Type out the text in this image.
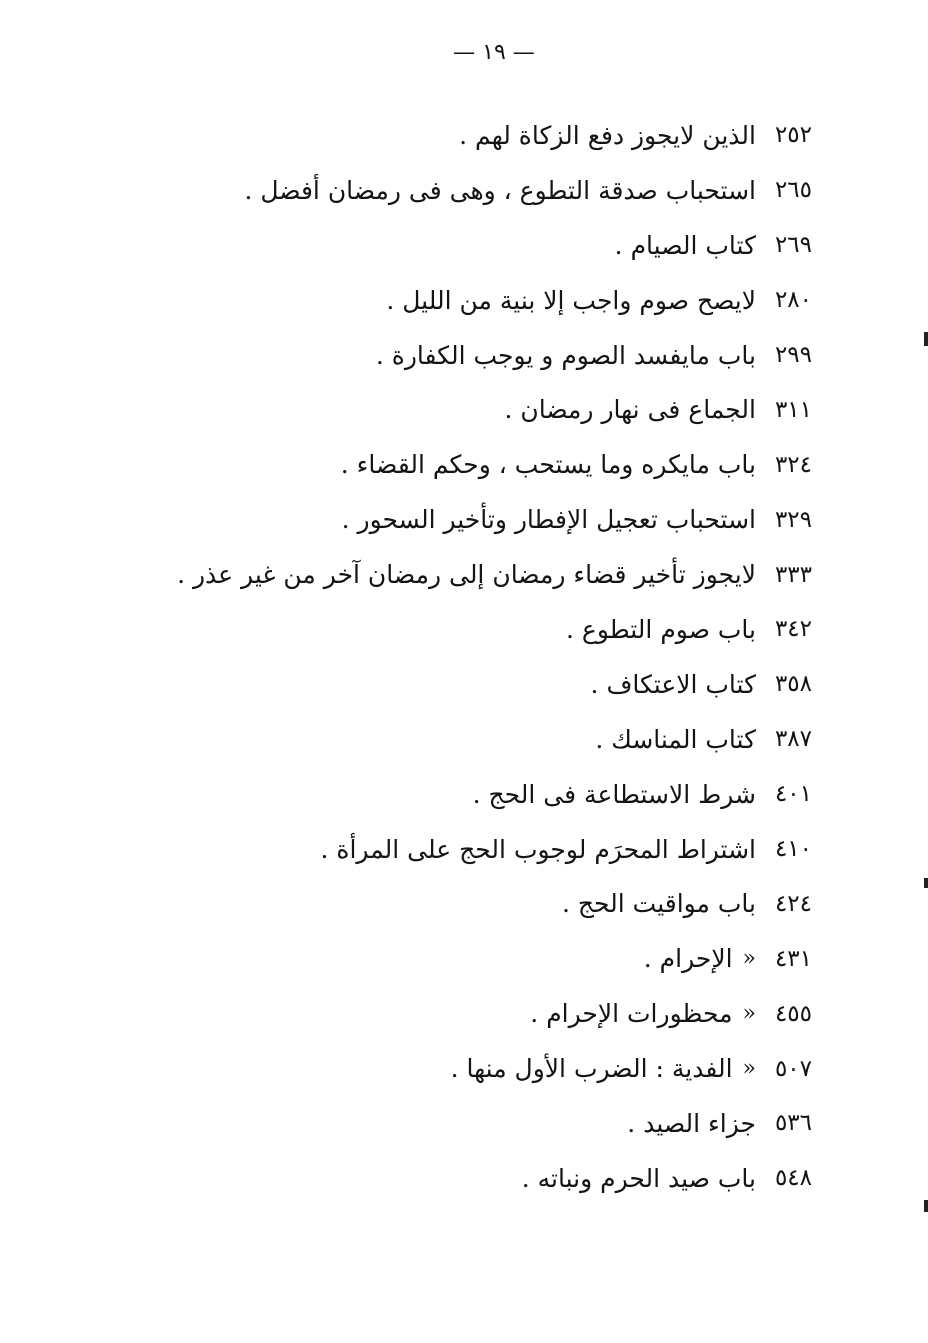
— ١٩ —
٢٥٢
الذين لايجوز دفع الزكاة لهم .
٢٦٥
استحباب صدقة التطوع ، وهى فى رمضان أفضل .
٢٦٩
كتاب الصيام .
٢٨٠
لايصح صوم واجب إلا بنية من الليل .
٢٩٩
باب مايفسد الصوم و يوجب الكفارة .
٣١١
الجماع فى نهار رمضان .
٣٢٤
باب مايكره وما يستحب ، وحكم القضاء .
٣٢٩
استحباب تعجيل الإفطار وتأخير السحور .
٣٣٣
لايجوز تأخير قضاء رمضان إلى رمضان آخر من غير عذر .
٣٤٢
باب صوم التطوع .
٣٥٨
كتاب الاعتكاف .
٣٨٧
كتاب المناسك .
٤٠١
شرط الاستطاعة فى الحج .
٤١٠
اشتراط المحرَم لوجوب الحج على المرأة .
٤٢٤
باب مواقيت الحج .
٤٣١
«
الإحرام .
٤٥٥
«
محظورات الإحرام .
٥٠٧
«
الفدية : الضرب الأول منها .
٥٣٦
جزاء الصيد .
٥٤٨
باب صيد الحرم ونباته .
